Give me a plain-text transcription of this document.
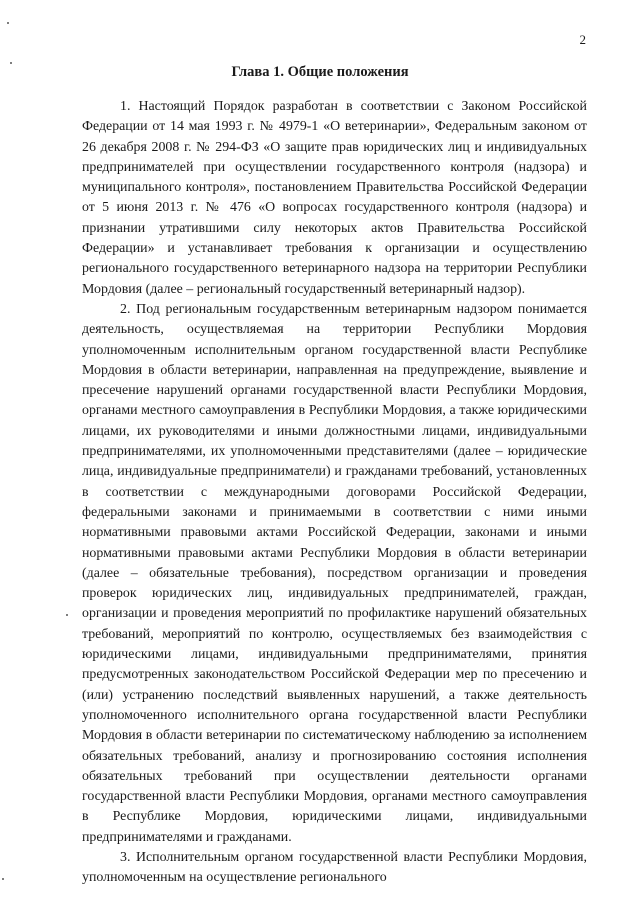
2
Глава 1. Общие положения

1. Настоящий Порядок разработан в соответствии с Законом Российской Федерации от 14 мая 1993 г. № 4979-1 «О ветеринарии», Федеральным законом от 26 декабря 2008 г. № 294-ФЗ «О защите прав юридических лиц и индивидуальных предпринимателей при осуществлении государственного контроля (надзора) и муниципального контроля», постановлением Правительства Российской Федерации от 5 июня 2013 г. № 476 «О вопросах государственного контроля (надзора) и признании утратившими силу некоторых актов Правительства Российской Федерации» и устанавливает требования к организации и осуществлению регионального государственного ветеринарного надзора на территории Республики Мордовия (далее – региональный государственный ветеринарный надзор).

2. Под региональным государственным ветеринарным надзором понимается деятельность, осуществляемая на территории Республики Мордовия уполномоченным исполнительным органом государственной власти Республике Мордовия в области ветеринарии, направленная на предупреждение, выявление и пресечение нарушений органами государственной власти Республики Мордовия, органами местного самоуправления в Республики Мордовия, а также юридическими лицами, их руководителями и иными должностными лицами, индивидуальными предпринимателями, их уполномоченными представителями (далее – юридические лица, индивидуальные предприниматели) и гражданами требований, установленных в соответствии с международными договорами Российской Федерации, федеральными законами и принимаемыми в соответствии с ними иными нормативными правовыми актами Российской Федерации, законами и иными нормативными правовыми актами Республики Мордовия в области ветеринарии (далее – обязательные требования), посредством организации и проведения проверок юридических лиц, индивидуальных предпринимателей, граждан, организации и проведения мероприятий по профилактике нарушений обязательных требований, мероприятий по контролю, осуществляемых без взаимодействия с юридическими лицами, индивидуальными предпринимателями, принятия предусмотренных законодательством Российской Федерации мер по пресечению и (или) устранению последствий выявленных нарушений, а также деятельность уполномоченного исполнительного органа государственной власти Республики Мордовия в области ветеринарии по систематическому наблюдению за исполнением обязательных требований, анализу и прогнозированию состояния исполнения обязательных требований при осуществлении деятельности органами государственной власти Республики Мордовия, органами местного самоуправления в Республике Мордовия, юридическими лицами, индивидуальными предпринимателями и гражданами.

3. Исполнительным органом государственной власти Республики Мордовия, уполномоченным на осуществление регионального
